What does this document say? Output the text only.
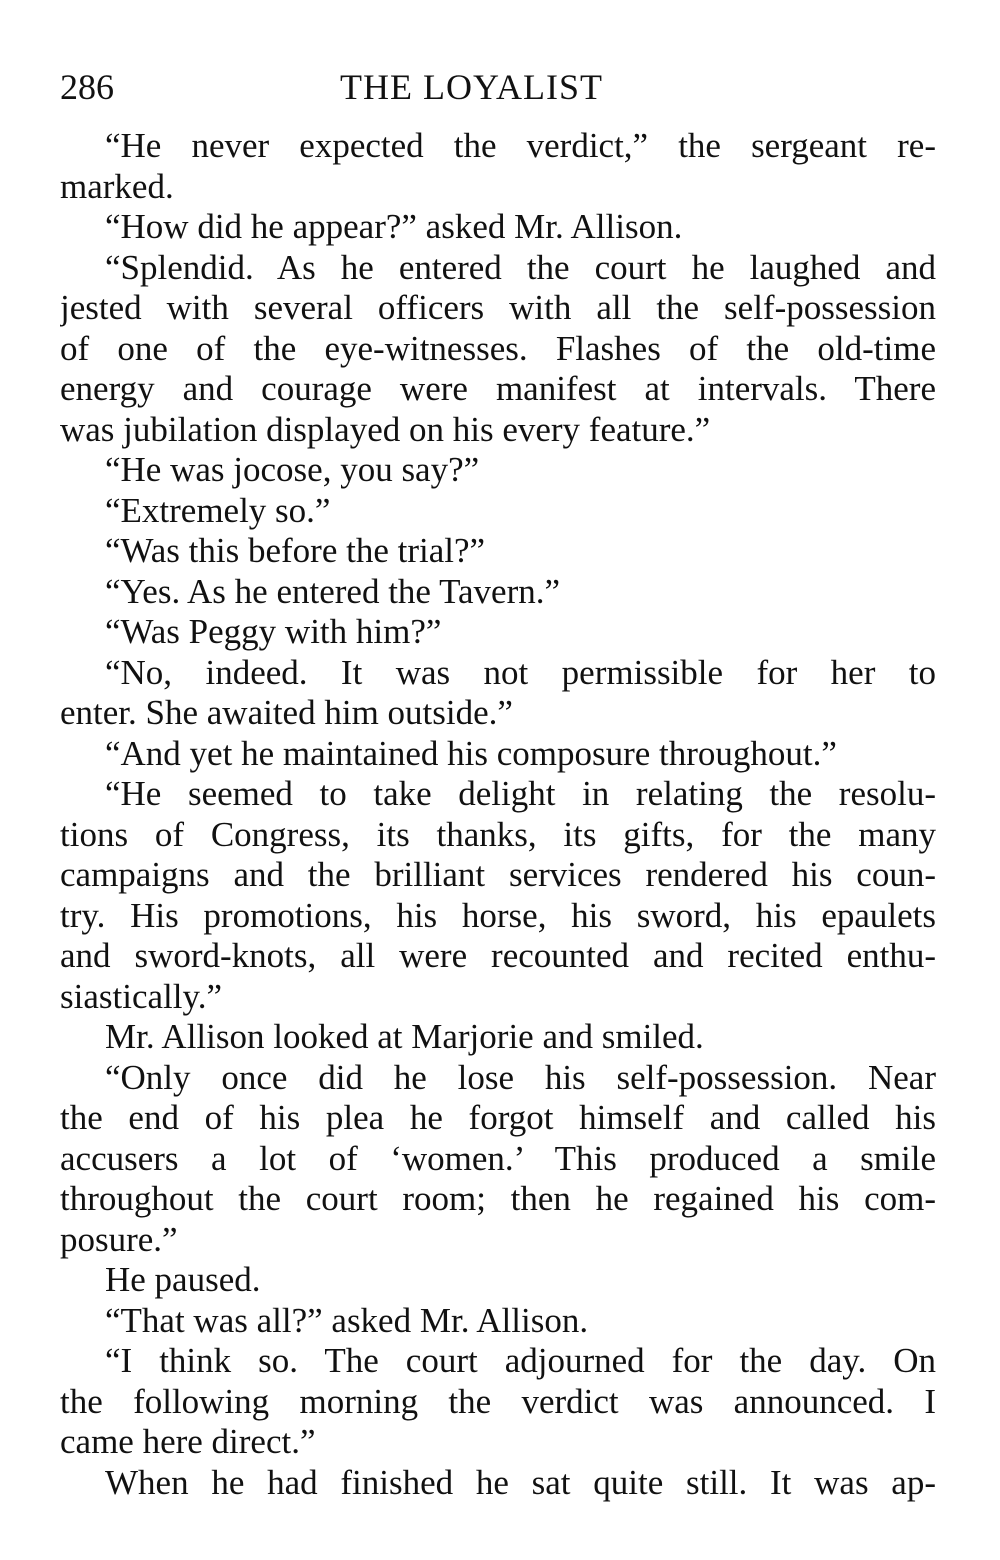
286	THE LOYALIST
“He never expected the verdict,” the sergeant re-
marked.
“How did he appear?” asked Mr. Allison.
“Splendid. As he entered the court he laughed and
jested with several officers with all the self-possession
of one of the eye-witnesses. Flashes of the old-time
energy and courage were manifest at intervals. There
was jubilation displayed on his every feature.”
“He was jocose, you say?”
“Extremely so.”
“Was this before the trial?”
“Yes. As he entered the Tavern.”
“Was Peggy with him?”
“No, indeed. It was not permissible for her to
enter. She awaited him outside.”
“And yet he maintained his composure throughout.”
“He seemed to take delight in relating the resolu-
tions of Congress, its thanks, its gifts, for the many
campaigns and the brilliant services rendered his coun-
try. His promotions, his horse, his sword, his epaulets
and sword-knots, all were recounted and recited enthu-
siastically.”
Mr. Allison looked at Marjorie and smiled.
“Only once did he lose his self-possession. Near
the end of his plea he forgot himself and called his
accusers a lot of ‘women.’ This produced a smile
throughout the court room; then he regained his com-
posure.”
He paused.
“That was all?” asked Mr. Allison.
“I think so. The court adjourned for the day. On
the following morning the verdict was announced. I
came here direct.”
When he had finished he sat quite still. It was ap-
